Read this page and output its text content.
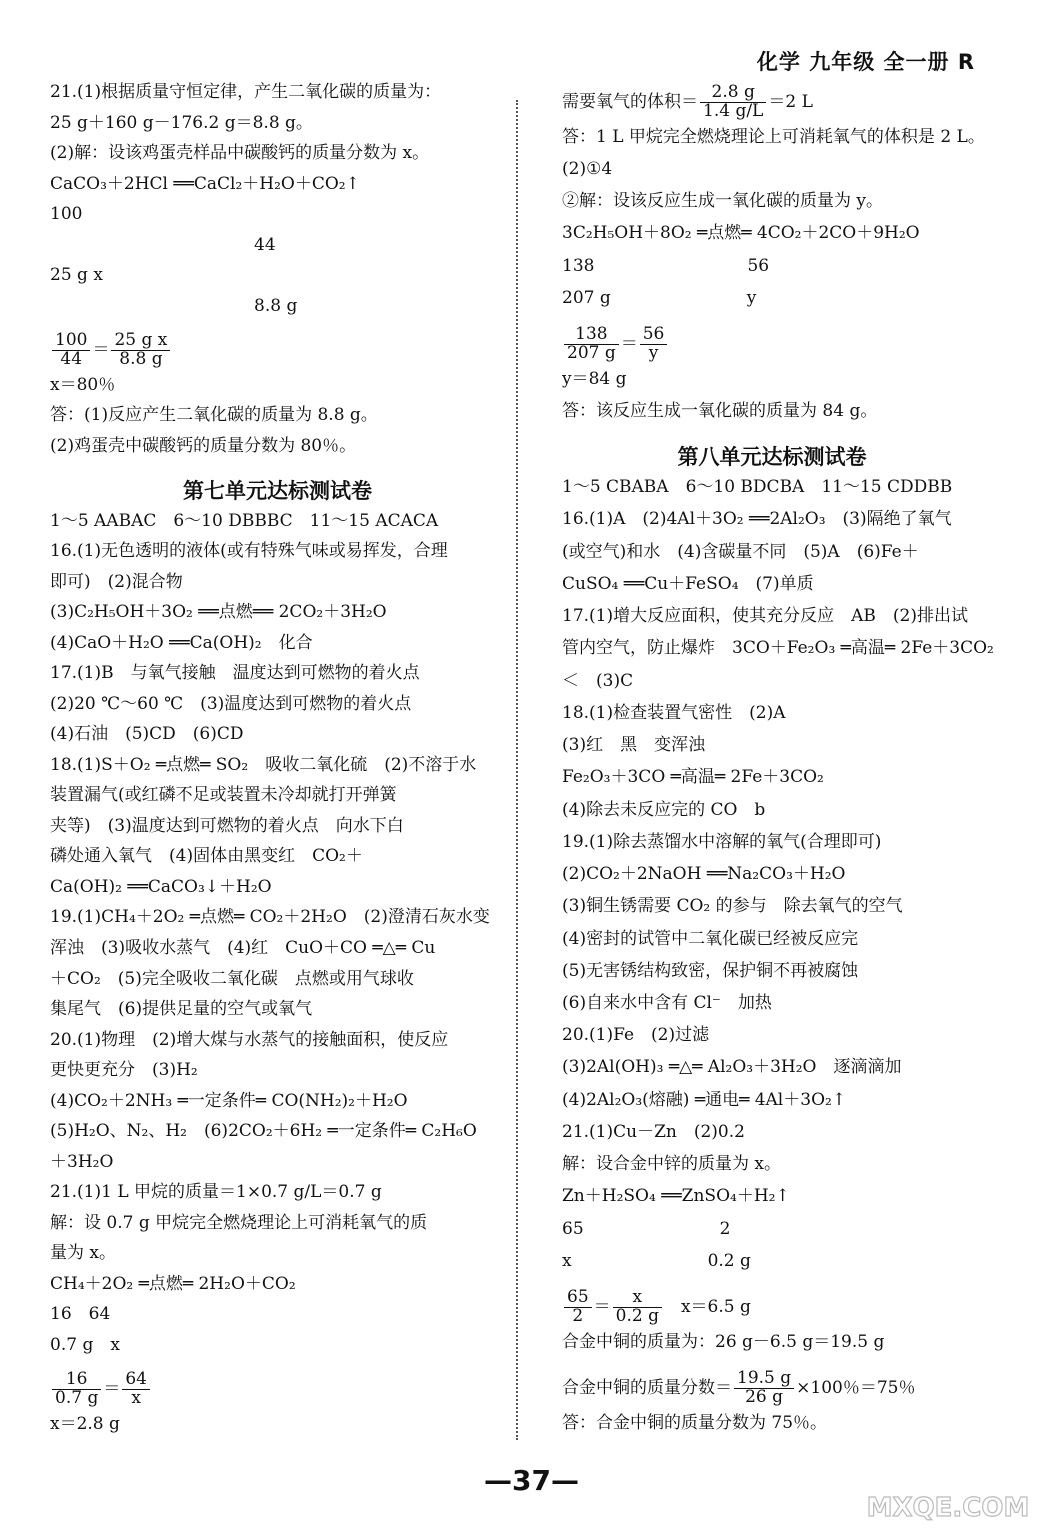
化学 九年级 全一册 R
21.(1)根据质量守恒定律，产生二氧化碳的质量为：
25 g＋160 g－176.2 g＝8.8 g。
(2)解：设该鸡蛋壳样品中碳酸钙的质量分数为 x。
CaCO₃＋2HCl ══CaCl₂＋H₂O＋CO₂↑
100
　　　　　　　　　　　　44
25 g x
　　　　　　　　　　　　8.8 g
$\frac{100}{44} = \frac{\text{25 g x}}{8.8 g}$
x＝80％
答：(1)反应产生二氧化碳的质量为 8.8 g。
(2)鸡蛋壳中碳酸钙的质量分数为 80％。
第七单元达标测试卷
1～5 AABAC　6～10 DBBBC　11～15 ACACA
16.(1)无色透明的液体(或有特殊气味或易挥发，合理
即可)　(2)混合物
(3)C₂H₅OH＋3O₂ ══点燃══ 2CO₂＋3H₂O
(4)CaO＋H₂O ══Ca(OH)₂　化合
17.(1)B　与氧气接触　温度达到可燃物的着火点
(2)20 ℃～60 ℃　(3)温度达到可燃物的着火点
(4)石油　(5)CD　(6)CD
18.(1)S＋O₂ ═点燃═ SO₂　吸收二氧化硫　(2)不溶于水
装置漏气(或红磷不足或装置未冷却就打开弹簧
夹等)　(3)温度达到可燃物的着火点　向水下白
磷处通入氧气　(4)固体由黑变红　CO₂＋
Ca(OH)₂ ══CaCO₃↓＋H₂O
19.(1)CH₄＋2O₂ ═点燃═ CO₂＋2H₂O　(2)澄清石灰水变
浑浊　(3)吸收水蒸气　(4)红　CuO＋CO ═△═ Cu
＋CO₂　(5)完全吸收二氧化碳　点燃或用气球收
集尾气　(6)提供足量的空气或氧气
20.(1)物理　(2)增大煤与水蒸气的接触面积，使反应
更快更充分　(3)H₂
(4)CO₂＋2NH₃ ═一定条件═ CO(NH₂)₂＋H₂O
(5)H₂O、N₂、H₂　(6)2CO₂＋6H₂ ═一定条件═ C₂H₆O
＋3H₂O
21.(1)1 L 甲烷的质量＝1×0.7 g/L＝0.7 g
解：设 0.7 g 甲烷完全燃烧理论上可消耗氧气的质
量为 x。
CH₄＋2O₂ ═点燃═ 2H₂O＋CO₂
16　64
0.7 g　x
$\frac{16}{0.7 g} = \frac{64}{x}$
x＝2.8 g
需要氧气的体积＝ $\frac{2.8 g}{1.4 g/L} =2$ L
答：1 L 甲烷完全燃烧理论上可消耗氧气的体积是 2 L。
(2)①4
②解：设该反应生成一氧化碳的质量为 y。
3C₂H₅OH＋8O₂ ═点燃═ 4CO₂＋2CO＋9H₂O
138　　　　　　　　　56
207 g　　　　　　　　y
$\frac{138}{207 g} = \frac{56}{y}$
y＝84 g
答：该反应生成一氧化碳的质量为 84 g。
第八单元达标测试卷
1～5 CBABA　6～10 BDCBA　11～15 CDDBB
16.(1)A　(2)4Al＋3O₂ ══2Al₂O₃　(3)隔绝了氧气
(或空气)和水　(4)含碳量不同　(5)A　(6)Fe＋
CuSO₄ ══Cu＋FeSO₄　(7)单质
17.(1)增大反应面积，使其充分反应　AB　(2)排出试
管内空气，防止爆炸　3CO＋Fe₂O₃ ═高温═ 2Fe＋3CO₂
＜　(3)C
18.(1)检查装置气密性　(2)A
(3)红　黑　变浑浊
Fe₂O₃＋3CO ═高温═ 2Fe＋3CO₂
(4)除去未反应完的 CO　b
19.(1)除去蒸馏水中溶解的氧气(合理即可)
(2)CO₂＋2NaOH ══Na₂CO₃＋H₂O
(3)铜生锈需要 CO₂ 的参与　除去氧气的空气
(4)密封的试管中二氧化碳已经被反应完
(5)无害锈结构致密，保护铜不再被腐蚀
(6)自来水中含有 Cl⁻　加热
20.(1)Fe　(2)过滤
(3)2Al(OH)₃ ═△═ Al₂O₃＋3H₂O　逐滴滴加
(4)2Al₂O₃(熔融) ═通电═ 4Al＋3O₂↑
21.(1)Cu－Zn　(2)0.2
解：设合金中锌的质量为 x。
Zn＋H₂SO₄ ══ZnSO₄＋H₂↑
65　　　　　　　　2
x　　　　　　　　0.2 g
$\frac{65}{2} = \frac{x}{0.2 g}$ 　x＝6.5 g
合金中铜的质量为：26 g－6.5 g＝19.5 g
合金中铜的质量分数＝ $\frac{19.5 g}{26 g} \times 100$％＝75％
答：合金中铜的质量分数为 75％。
—37—
MXQE.COM
